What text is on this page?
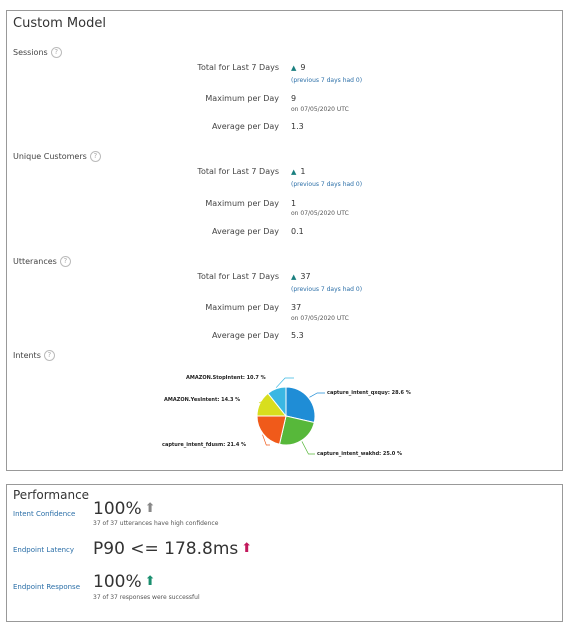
Custom Model
Sessions ?
Total for Last 7 Days ▲ 9
(previous 7 days had 0)
Maximum per Day 9
on 07/05/2020 UTC
Average per Day 1.3
Unique Customers ?
Total for Last 7 Days ▲ 1
(previous 7 days had 0)
Maximum per Day 1
on 07/05/2020 UTC
Average per Day 0.1
Utterances ?
Total for Last 7 Days ▲ 37
(previous 7 days had 0)
Maximum per Day 37
on 07/05/2020 UTC
Average per Day 5.3
Intents ?
capture_intent_qxquy: 28.6 %
capture_intent_wakhd: 25.0 %
capture_intent_fdusm: 21.4 %
AMAZON.YesIntent: 14.3 %
AMAZON.StopIntent: 10.7 %
Performance
Intent Confidence 100% ⬆
37 of 37 utterances have high confidence
Endpoint Latency P90 <= 178.8ms ⬆
Endpoint Response 100% ⬆
37 of 37 responses were successful
